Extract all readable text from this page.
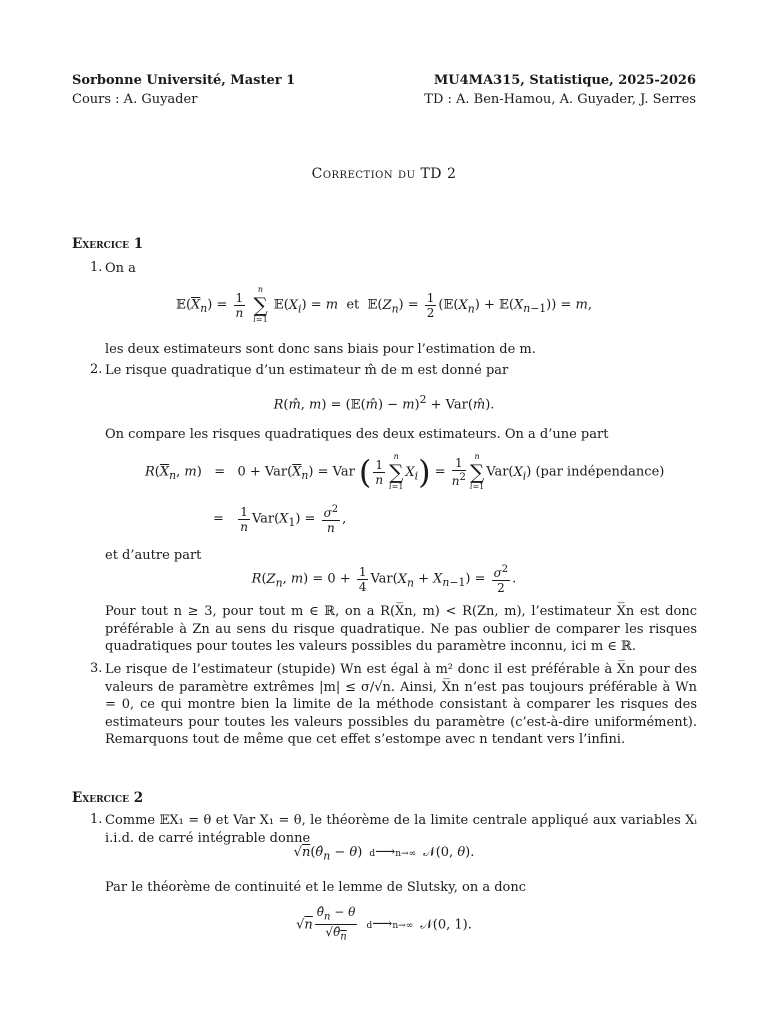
Sorbonne Université, Master 1
Cours : A. Guyader
MU4MA315, Statistique, 2025-2026
TD : A. Ben-Hamou, A. Guyader, J. Serres
Correction du TD 2
Exercice 1
1. On a
$𝔼(\overline{X}_n) = \frac{1}{n}$

n
∑
i=1
$𝔼(X_i) = m$  et  $𝔼(Z_n) = \frac{1}{2}$ ($𝔼(X_n)$ + $𝔼(X_{n-1})) = m$,
les deux estimateurs sont donc sans biais pour l’estimation de m.
2. Le risque quadratique d’un estimateur m̂ de m est donné par
R(m̂, m) = (𝔼(m̂) − m)$^2$ + Var(m̂).
On compare les risques quadratiques des deux estimateurs. On a d’une part
$R(\overline{X}_n$, $m) = 0 + Var(\overline{X}_n)$ = Var ( $\frac{1}{n}$
n
∑
i=1
$X_i) = \frac{1}{n^2}$	n
∑
i=1
$Var(X_i)$ (par indépendance)
= $\frac{1}{n} Var(X_1) = \frac{\sigma^2}{n}$ ,
et d’autre part
$R(Z_n$, $m) = 0 + \frac{1}{4} Var(X_n + X_{n-1}) = \frac{\sigma^2}{2}$ .
Pour tout n ≥ 3, pour tout m ∈ ℝ, on a R(X̅n, m) < R(Zn, m), l’estimateur X̅n est donc préférable à Zn au sens du risque quadratique. Ne pas oublier de comparer les risques quadratiques pour toutes les valeurs possibles du paramètre inconnu, ici m ∈ ℝ.
3. Le risque de l’estimateur (stupide) Wn est égal à m² donc il est préférable à X̅n pour des valeurs de paramètre extrêmes |m| ≤ σ/√n. Ainsi, X̅n n’est pas toujours préférable à Wn = 0, ce qui montre bien la limite de la méthode consistant à comparer les risques des estimateurs pour toutes les valeurs possibles du paramètre (c’est-à-dire uniformément). Remarquons tout de même que cet effet s’estompe avec n tendant vers l’infini.
Exercice 2
1. Comme 𝔼X₁ = θ et Var X₁ = θ, le théorème de la limite centrale appliqué aux variables Xᵢ i.i.d. de carré intégrable donne
$√n(\thetâ_n - \theta)$ d⟶n→∞ 𝒩(0, θ).
Par le théorème de continuité et le lemme de Slutsky, on a donc
$√n \frac{\thetâ_n - \theta}{√\thetâ_n}$ d⟶n→∞ 𝒩(0, 1).
